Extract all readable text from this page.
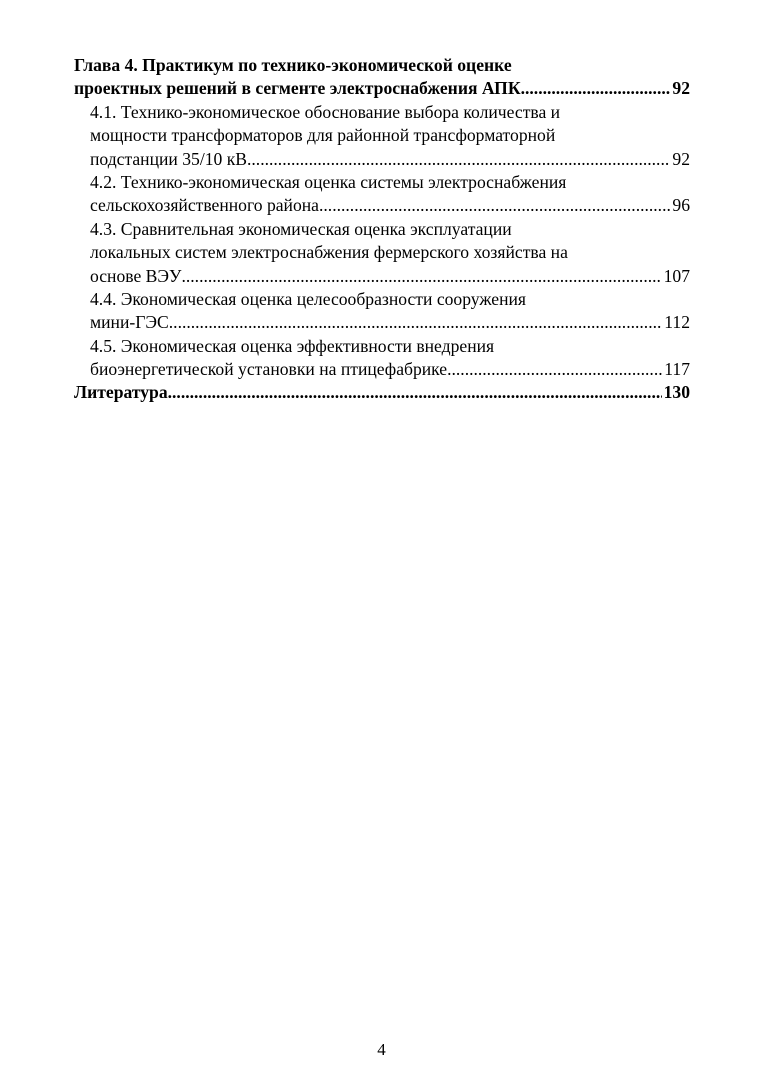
Глава 4. Практикум по технико-экономической оценке
проектных решений в сегменте электроснабжения АПК .....	92
4.1. Технико-экономическое обоснование выбора количества и
мощности трансформаторов для районной трансформаторной
подстанции 35/10 кВ .....	92
4.2. Технико-экономическая оценка системы электроснабжения
сельскохозяйственного района .....	96
4.3. Сравнительная экономическая оценка эксплуатации
локальных систем электроснабжения фермерского хозяйства на
основе ВЭУ .....	107
4.4. Экономическая оценка целесообразности сооружения
мини-ГЭС .....	112
4.5. Экономическая оценка эффективности внедрения
биоэнергетической установки на птицефабрике .....	117
Литература .....	130
4
